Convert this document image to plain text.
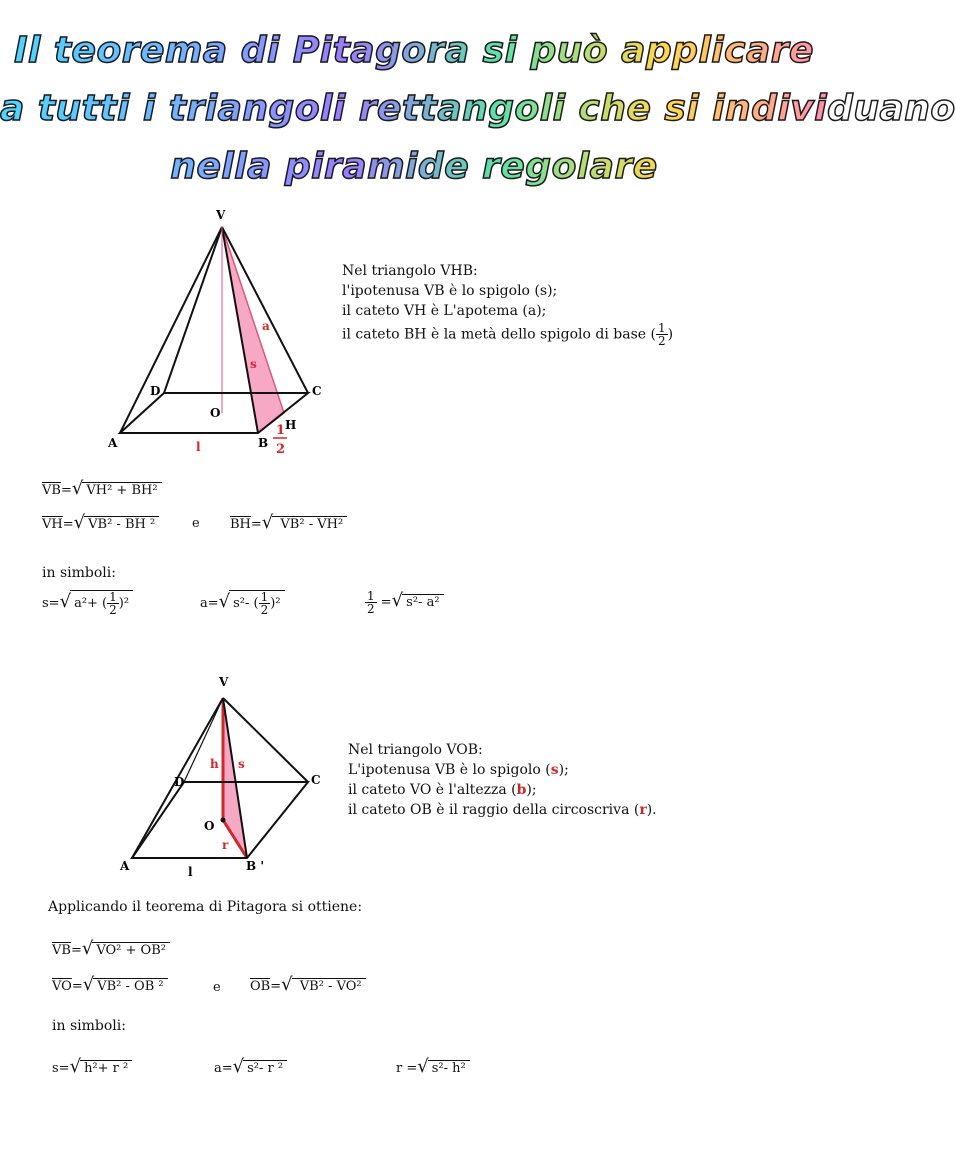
Il teorema di Pitagora si può applicare
a tutti i triangoli rettangoli che si individuano
nella piramide regolare
V
D	C
A	B
O
H
a
s
l
1
2
Nel triangolo VHB:
l'ipotenusa VB è lo spigolo (s);
il cateto VH è L'apotema (a);
il cateto BH è la metà dello spigolo di base ( $\frac{1}{2}$ )
$\overline{VB}=√$ $VH^2 + \overline{BH}^2$
$\overline{VH}=√$ $VB^2 - \overline{BH}$ ²	e $\overline{BH}=√$ $VB^2 - \overline{VH}^2$
in simboli:
s=√ a²+ ( $\frac{1}{2} )^2$	a=√ s²- ( $\frac{1}{2} )^2$	$\frac{1}{2}$ =√ s²- a²
V
D	C
A	B '
O
h s
r
l
Nel triangolo VOB:
L'ipotenusa VB è lo spigolo (s);
il cateto VO è l'altezza (b);
il cateto OB è il raggio della circoscriva (r).
Applicando il teorema di Pitagora si ottiene:
$\overline{VB}=√$ $VO^2 + \overline{OB}^2$
$\overline{VO}=√$ $VB^2 - \overline{OB}$ ²	e $\overline{OB}=√$ $VB^2 - \overline{VO}^2$
in simboli:
s=√ h²+ r ²	a=√ s²- r ²	r =√ s²- h²
